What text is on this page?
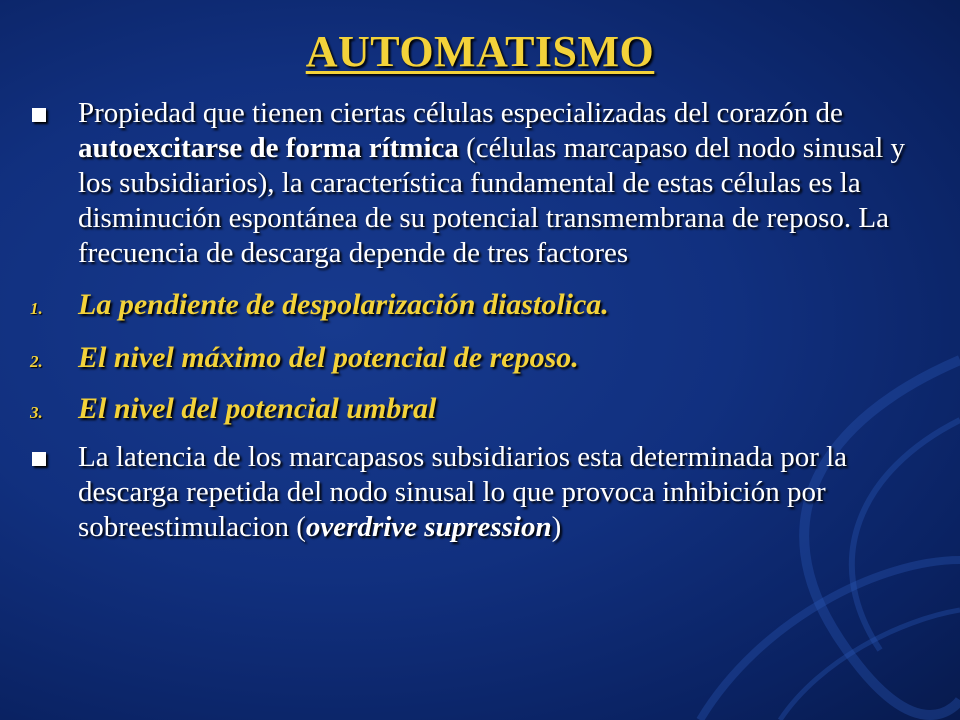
AUTOMATISMO
Propiedad que tienen ciertas células especializadas del corazón de autoexcitarse de forma rítmica (células marcapaso del nodo sinusal y los subsidiarios), la característica fundamental de estas células es la disminución espontánea de su potencial transmembrana de reposo. La frecuencia de descarga depende de tres factores
1. La pendiente de despolarización diastolica.
2. El nivel máximo del potencial de reposo.
3. El nivel del potencial umbral
La latencia de los marcapasos subsidiarios esta determinada por la descarga repetida del nodo sinusal lo que provoca inhibición por sobreestimulacion (overdrive supression)
